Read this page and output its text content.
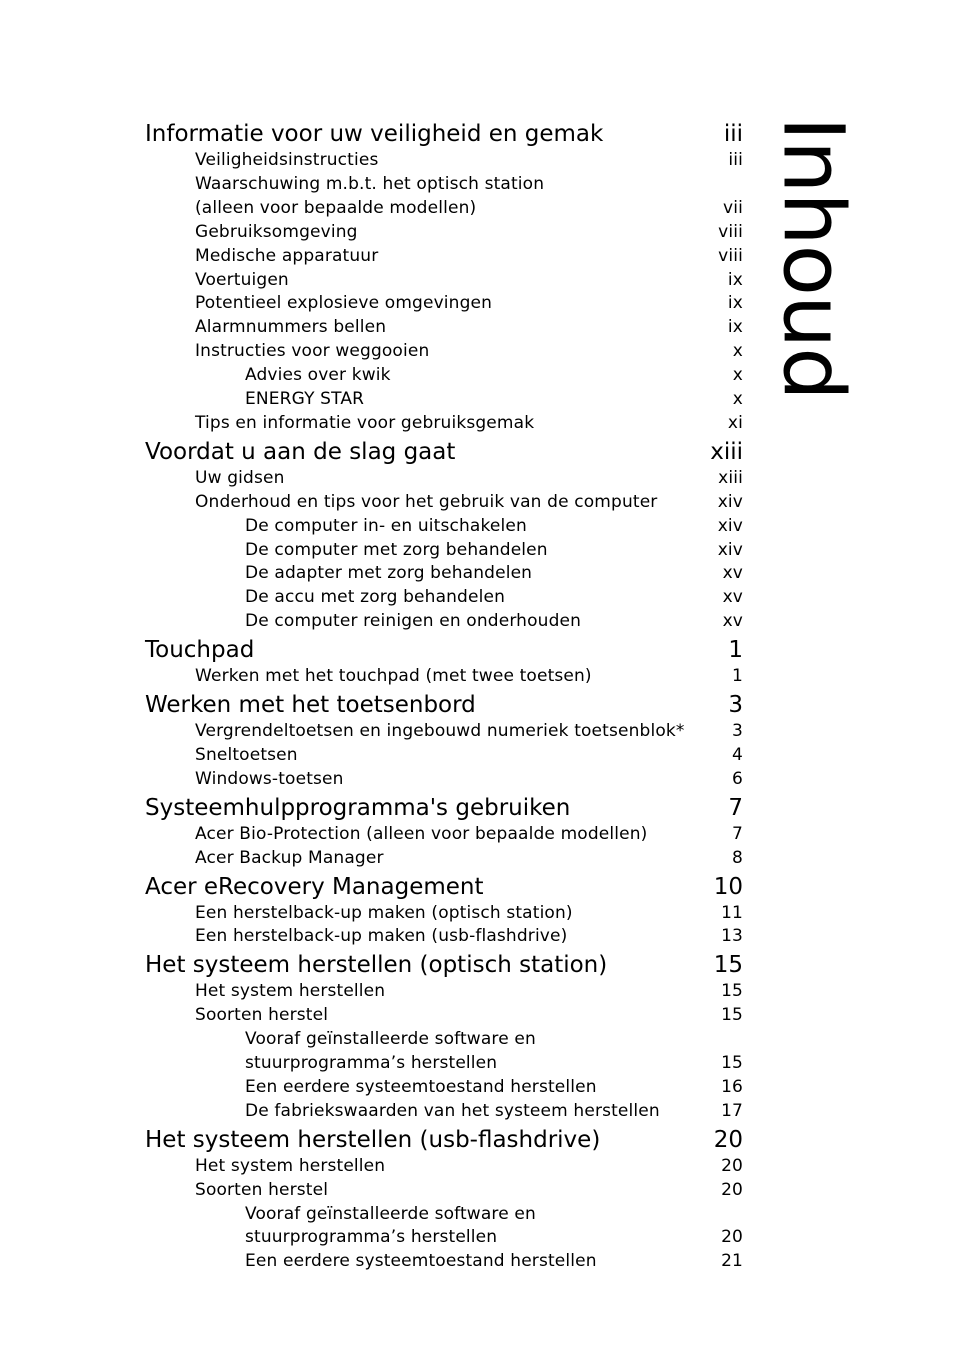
Informatie voor uw veiligheid en gemak	iii
Veiligheidsinstructies	iii
Waarschuwing m.b.t. het optisch station
(alleen voor bepaalde modellen)	vii
Gebruiksomgeving	viii
Medische apparatuur	viii
Voertuigen	ix
Potentieel explosieve omgevingen	ix
Alarmnummers bellen	ix
Instructies voor weggooien	x
Advies over kwik	x
ENERGY STAR	x
Tips en informatie voor gebruiksgemak	xi
Voordat u aan de slag gaat	xiii
Uw gidsen	xiii
Onderhoud en tips voor het gebruik van de computer	xiv
De computer in- en uitschakelen	xiv
De computer met zorg behandelen	xiv
De adapter met zorg behandelen	xv
De accu met zorg behandelen	xv
De computer reinigen en onderhouden	xv
Touchpad	1
Werken met het touchpad (met twee toetsen)	1
Werken met het toetsenbord	3
Vergrendeltoetsen en ingebouwd numeriek toetsenblok*	3
Sneltoetsen	4
Windows-toetsen	6
Systeemhulpprogramma's gebruiken	7
Acer Bio-Protection (alleen voor bepaalde modellen)	7
Acer Backup Manager	8
Acer eRecovery Management	10
Een herstelback-up maken (optisch station)	11
Een herstelback-up maken (usb-flashdrive)	13
Het systeem herstellen (optisch station)	15
Het system herstellen	15
Soorten herstel	15
Vooraf geïnstalleerde software en
stuurprogramma’s herstellen	15
Een eerdere systeemtoestand herstellen	16
De fabriekswaarden van het systeem herstellen	17
Het systeem herstellen (usb-flashdrive)	20
Het system herstellen	20
Soorten herstel	20
Vooraf geïnstalleerde software en
stuurprogramma’s herstellen	20
Een eerdere systeemtoestand herstellen	21
Inhoud
